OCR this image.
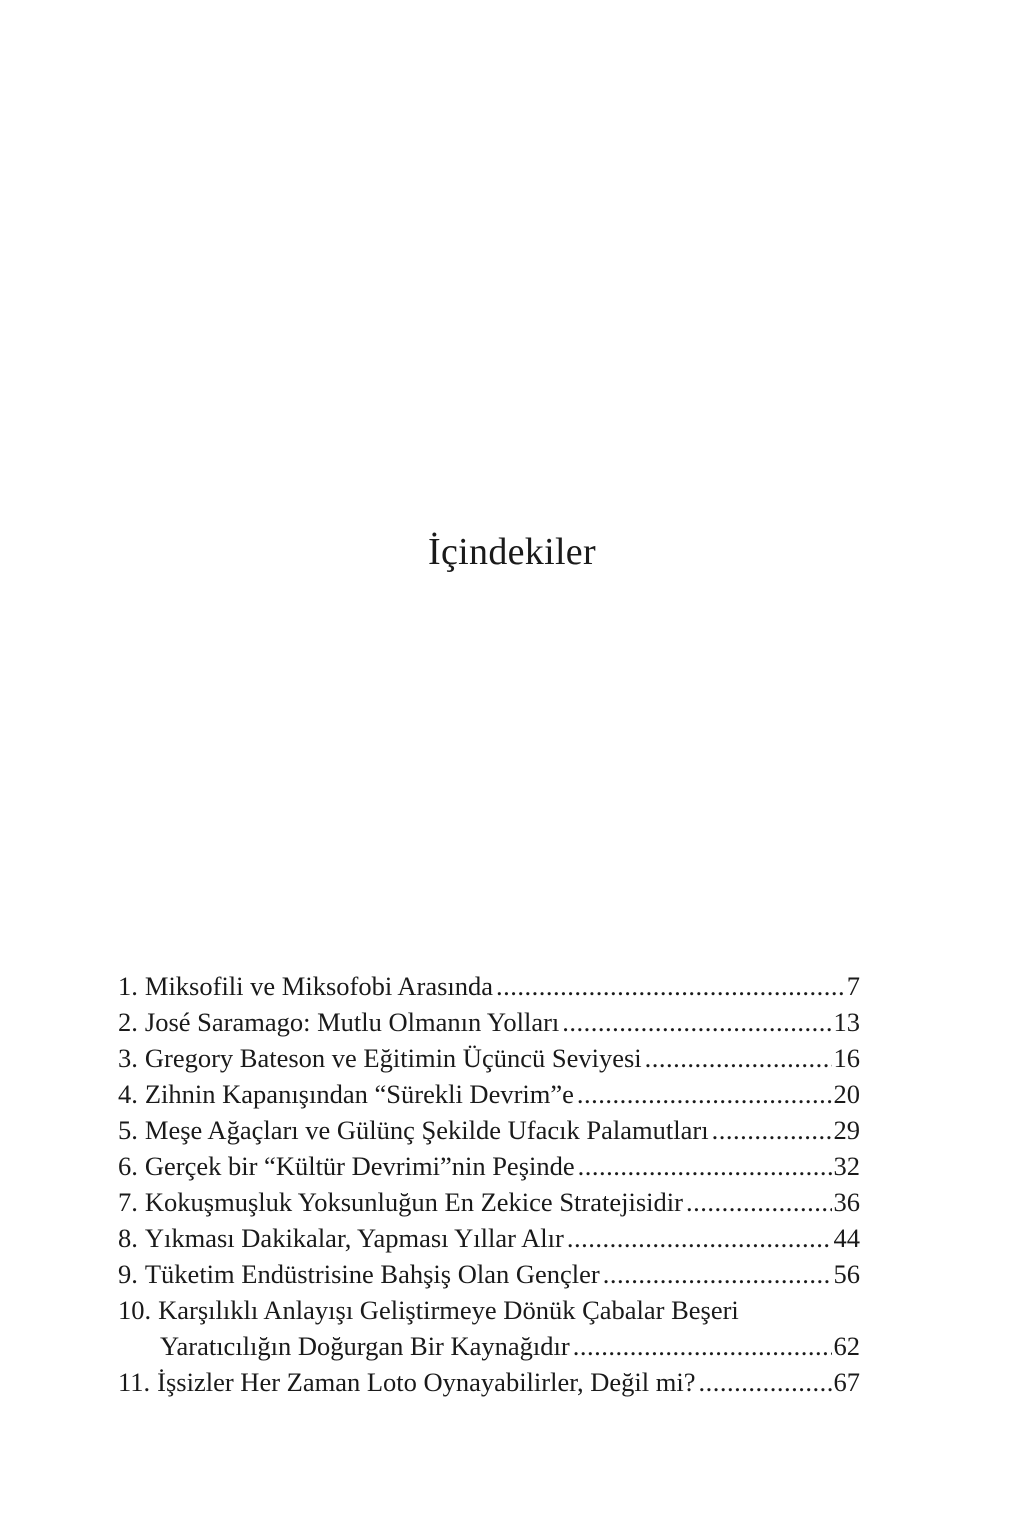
İçindekiler
1. Miksofili ve Miksofobi Arasında .....	7
2. José Saramago: Mutlu Olmanın Yolları .....	13
3. Gregory Bateson ve Eğitimin Üçüncü Seviyesi .....	16
4. Zihnin Kapanışından “Sürekli Devrim”e .....	20
5. Meşe Ağaçları ve Gülünç Şekilde Ufacık Palamutları .....	29
6. Gerçek bir “Kültür Devrimi”nin Peşinde .....	32
7. Kokuşmuşluk Yoksunluğun En Zekice Stratejisidir .....	36
8. Yıkması Dakikalar, Yapması Yıllar Alır .....	44
9. Tüketim Endüstrisine Bahşiş Olan Gençler .....	56
10. Karşılıklı Anlayışı Geliştirmeye Dönük Çabalar Beşeri
Yaratıcılığın Doğurgan Bir Kaynağıdır .....	62
11. İşsizler Her Zaman Loto Oynayabilirler, Değil mi? .....	67
